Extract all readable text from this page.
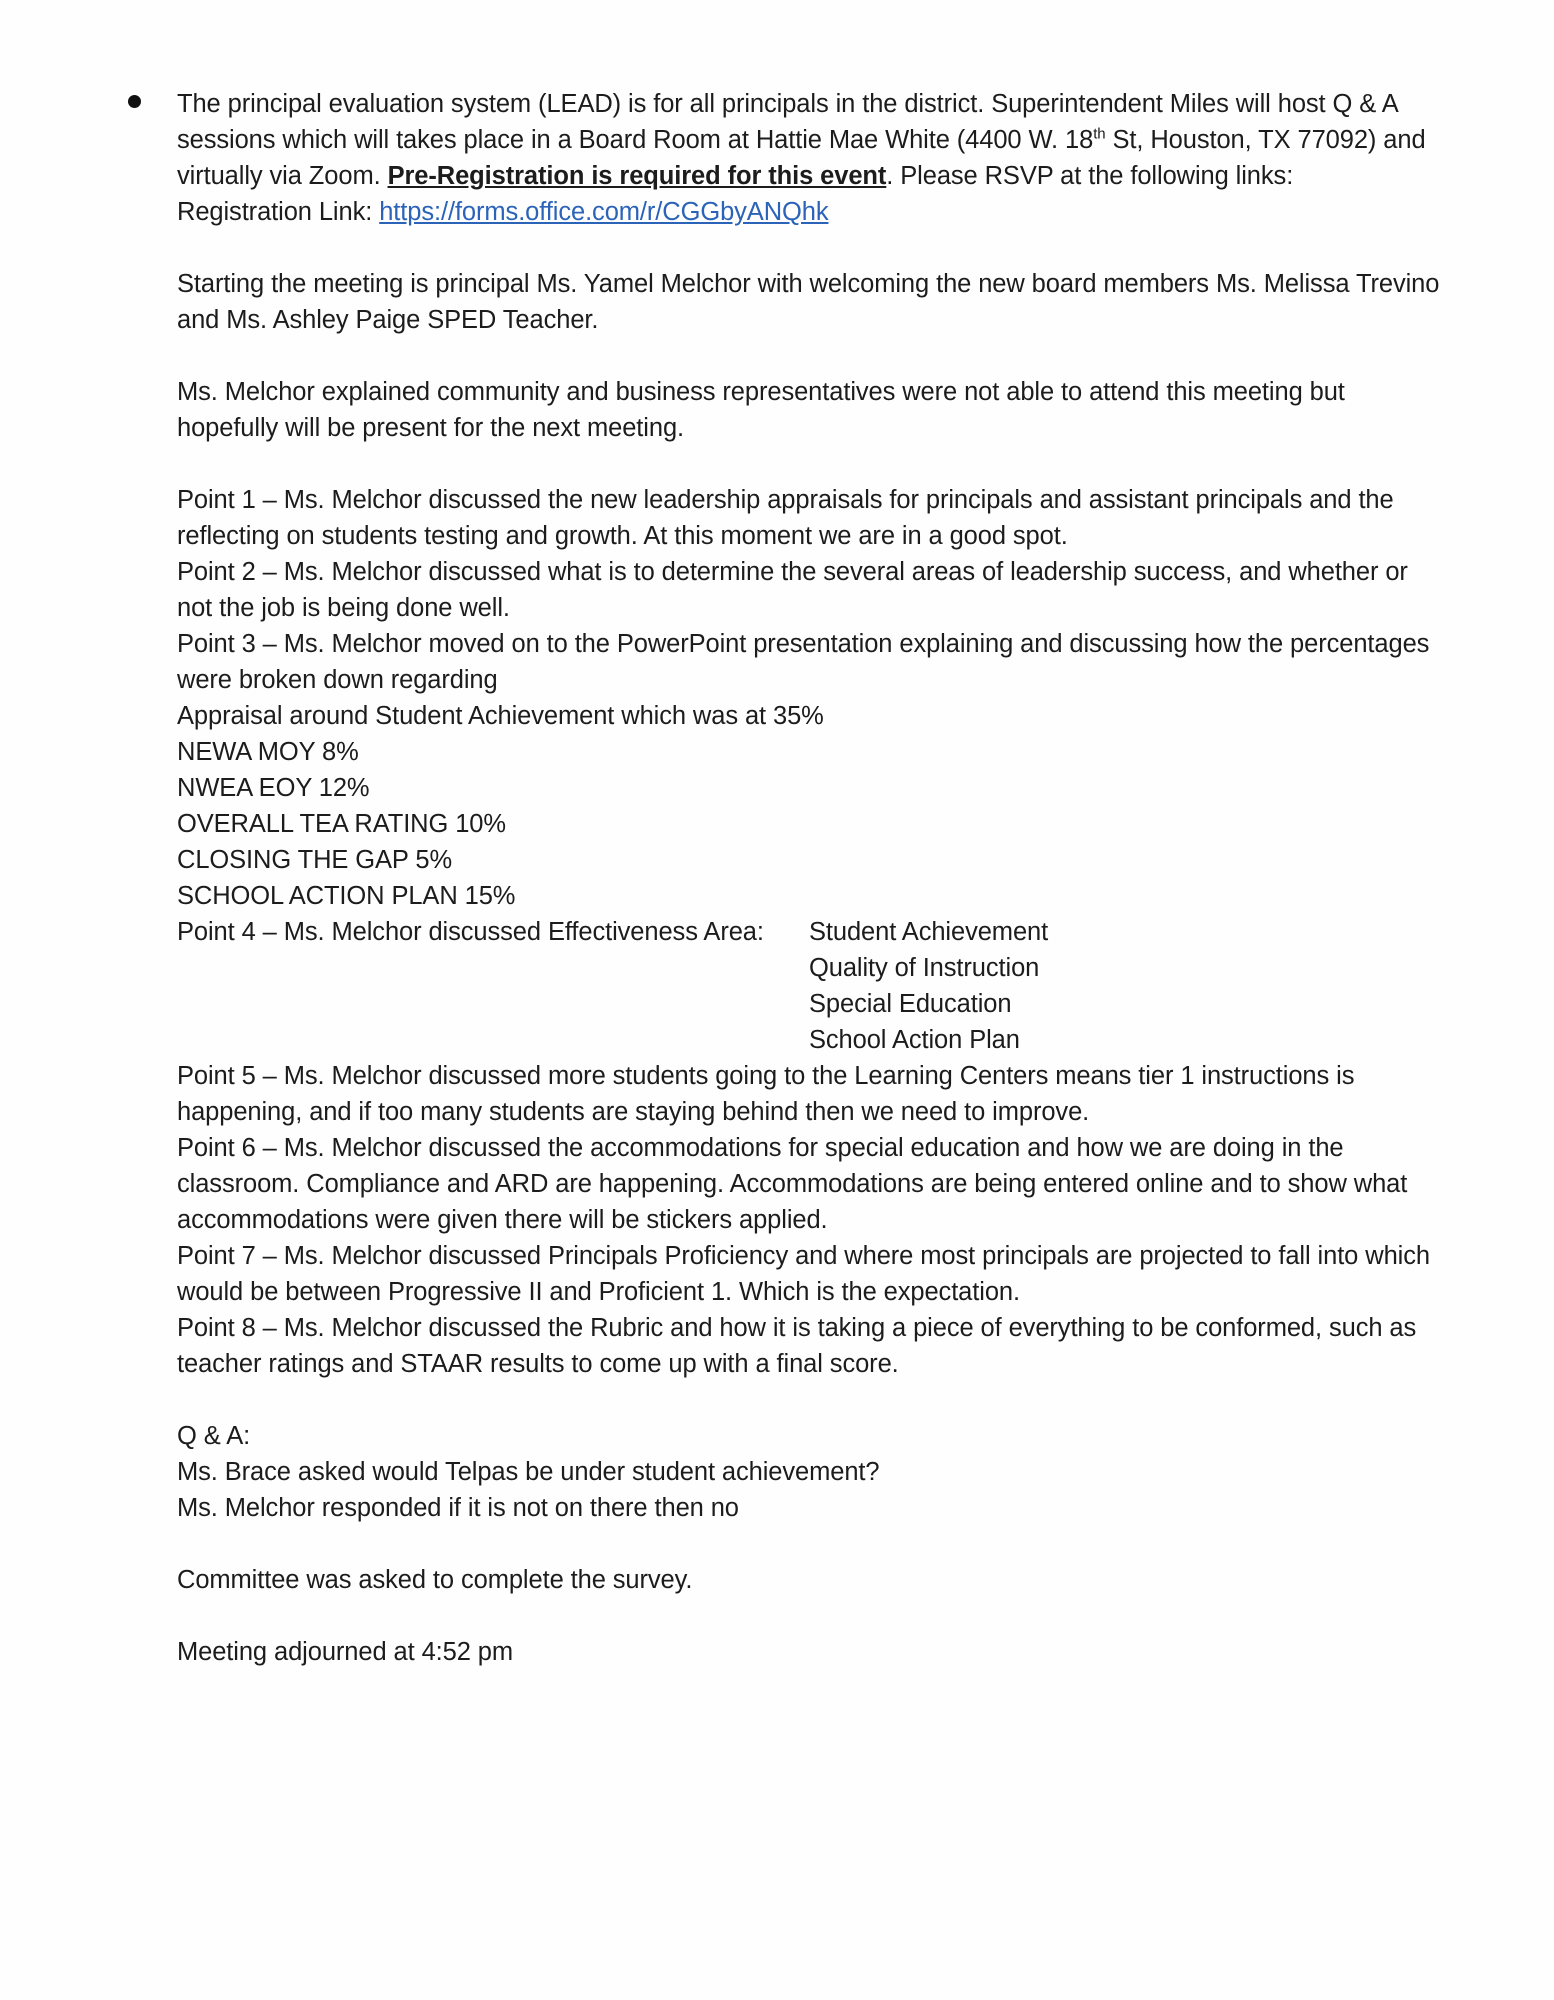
The principal evaluation system (LEAD) is for all principals in the district. Superintendent Miles will host Q & A sessions which will takes place in a Board Room at Hattie Mae White (4400 W. 18th St, Houston, TX 77092) and virtually via Zoom. Pre-Registration is required for this event. Please RSVP at the following links:

Registration Link: https://forms.office.com/r/CGGbyANQhk

Starting the meeting is principal Ms. Yamel Melchor with welcoming the new board members Ms. Melissa Trevino and Ms. Ashley Paige SPED Teacher.

Ms. Melchor explained community and business representatives were not able to attend this meeting but hopefully will be present for the next meeting.

Point 1 – Ms. Melchor discussed the new leadership appraisals for principals and assistant principals and the reflecting on students testing and growth. At this moment we are in a good spot.

Point 2 – Ms. Melchor discussed what is to determine the several areas of leadership success, and whether or not the job is being done well.

Point 3 – Ms. Melchor moved on to the PowerPoint presentation explaining and discussing how the percentages were broken down regarding

Appraisal around Student Achievement which was at 35%

NEWA MOY 8%

NWEA EOY 12%

OVERALL TEA RATING 10%

CLOSING THE GAP 5%

SCHOOL ACTION PLAN 15%

Point 4 – Ms. Melchor discussed Effectiveness Area: Student Achievement
Quality of Instruction
Special Education
School Action Plan

Point 5 – Ms. Melchor discussed more students going to the Learning Centers means tier 1 instructions is happening, and if too many students are staying behind then we need to improve.

Point 6 – Ms. Melchor discussed the accommodations for special education and how we are doing in the classroom. Compliance and ARD are happening. Accommodations are being entered online and to show what accommodations were given there will be stickers applied.

Point 7 – Ms. Melchor discussed Principals Proficiency and where most principals are projected to fall into which would be between Progressive II and Proficient 1. Which is the expectation.

Point 8 – Ms. Melchor discussed the Rubric and how it is taking a piece of everything to be conformed, such as teacher ratings and STAAR results to come up with a final score.

Q & A:

Ms. Brace asked would Telpas be under student achievement?

Ms. Melchor responded if it is not on there then no

Committee was asked to complete the survey.

Meeting adjourned at 4:52 pm
